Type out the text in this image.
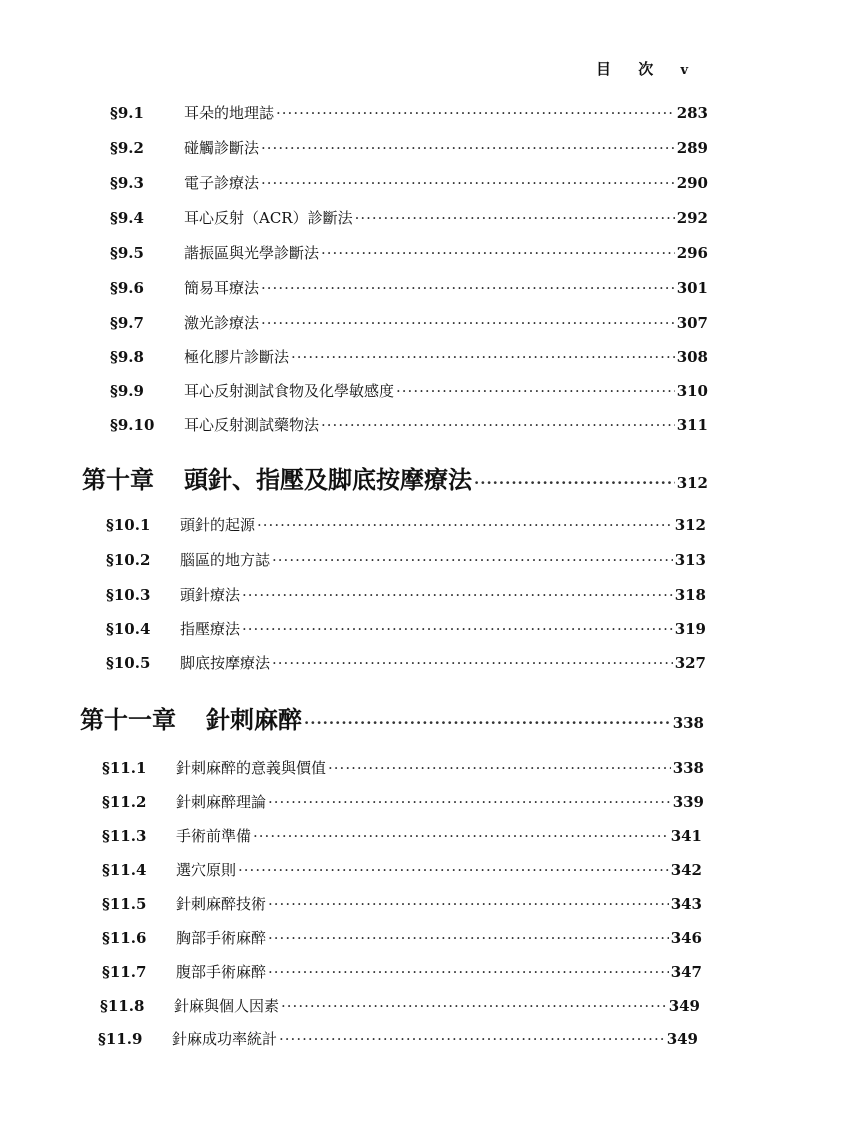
目 次 v
§9.1	耳朵的地理誌 ·····	283
§9.2	碰觸診斷法 ·····	289
§9.3	電子診療法 ·····	290
§9.4	耳心反射（ACR）診斷法 ·····	292
§9.5	諧振區與光學診斷法 ·····	296
§9.6	簡易耳療法 ·····	301
§9.7	激光診療法 ·····	307
§9.8	極化膠片診斷法 ·····	308
§9.9	耳心反射測試食物及化學敏感度 ·····	310
§9.10	耳心反射測試藥物法 ·····	311
第十章 頭針、指壓及脚底按摩療法 ·····	312
§10.1	頭針的起源 ·····	312
§10.2	腦區的地方誌 ·····	313
§10.3	頭針療法 ·····	318
§10.4	指壓療法 ·····	319
§10.5	脚底按摩療法 ·····	327
第十一章 針刺麻醉 ·····	338
§11.1	針刺麻醉的意義與價值 ·····	338
§11.2	針刺麻醉理論 ·····	339
§11.3	手術前準備 ·····	341
§11.4	選穴原則 ·····	342
§11.5	針刺麻醉技術 ·····	343
§11.6	胸部手術麻醉 ·····	346
§11.7	腹部手術麻醉 ·····	347
§11.8	針麻與個人因素 ·····	349
§11.9	針麻成功率統計 ·····	349
